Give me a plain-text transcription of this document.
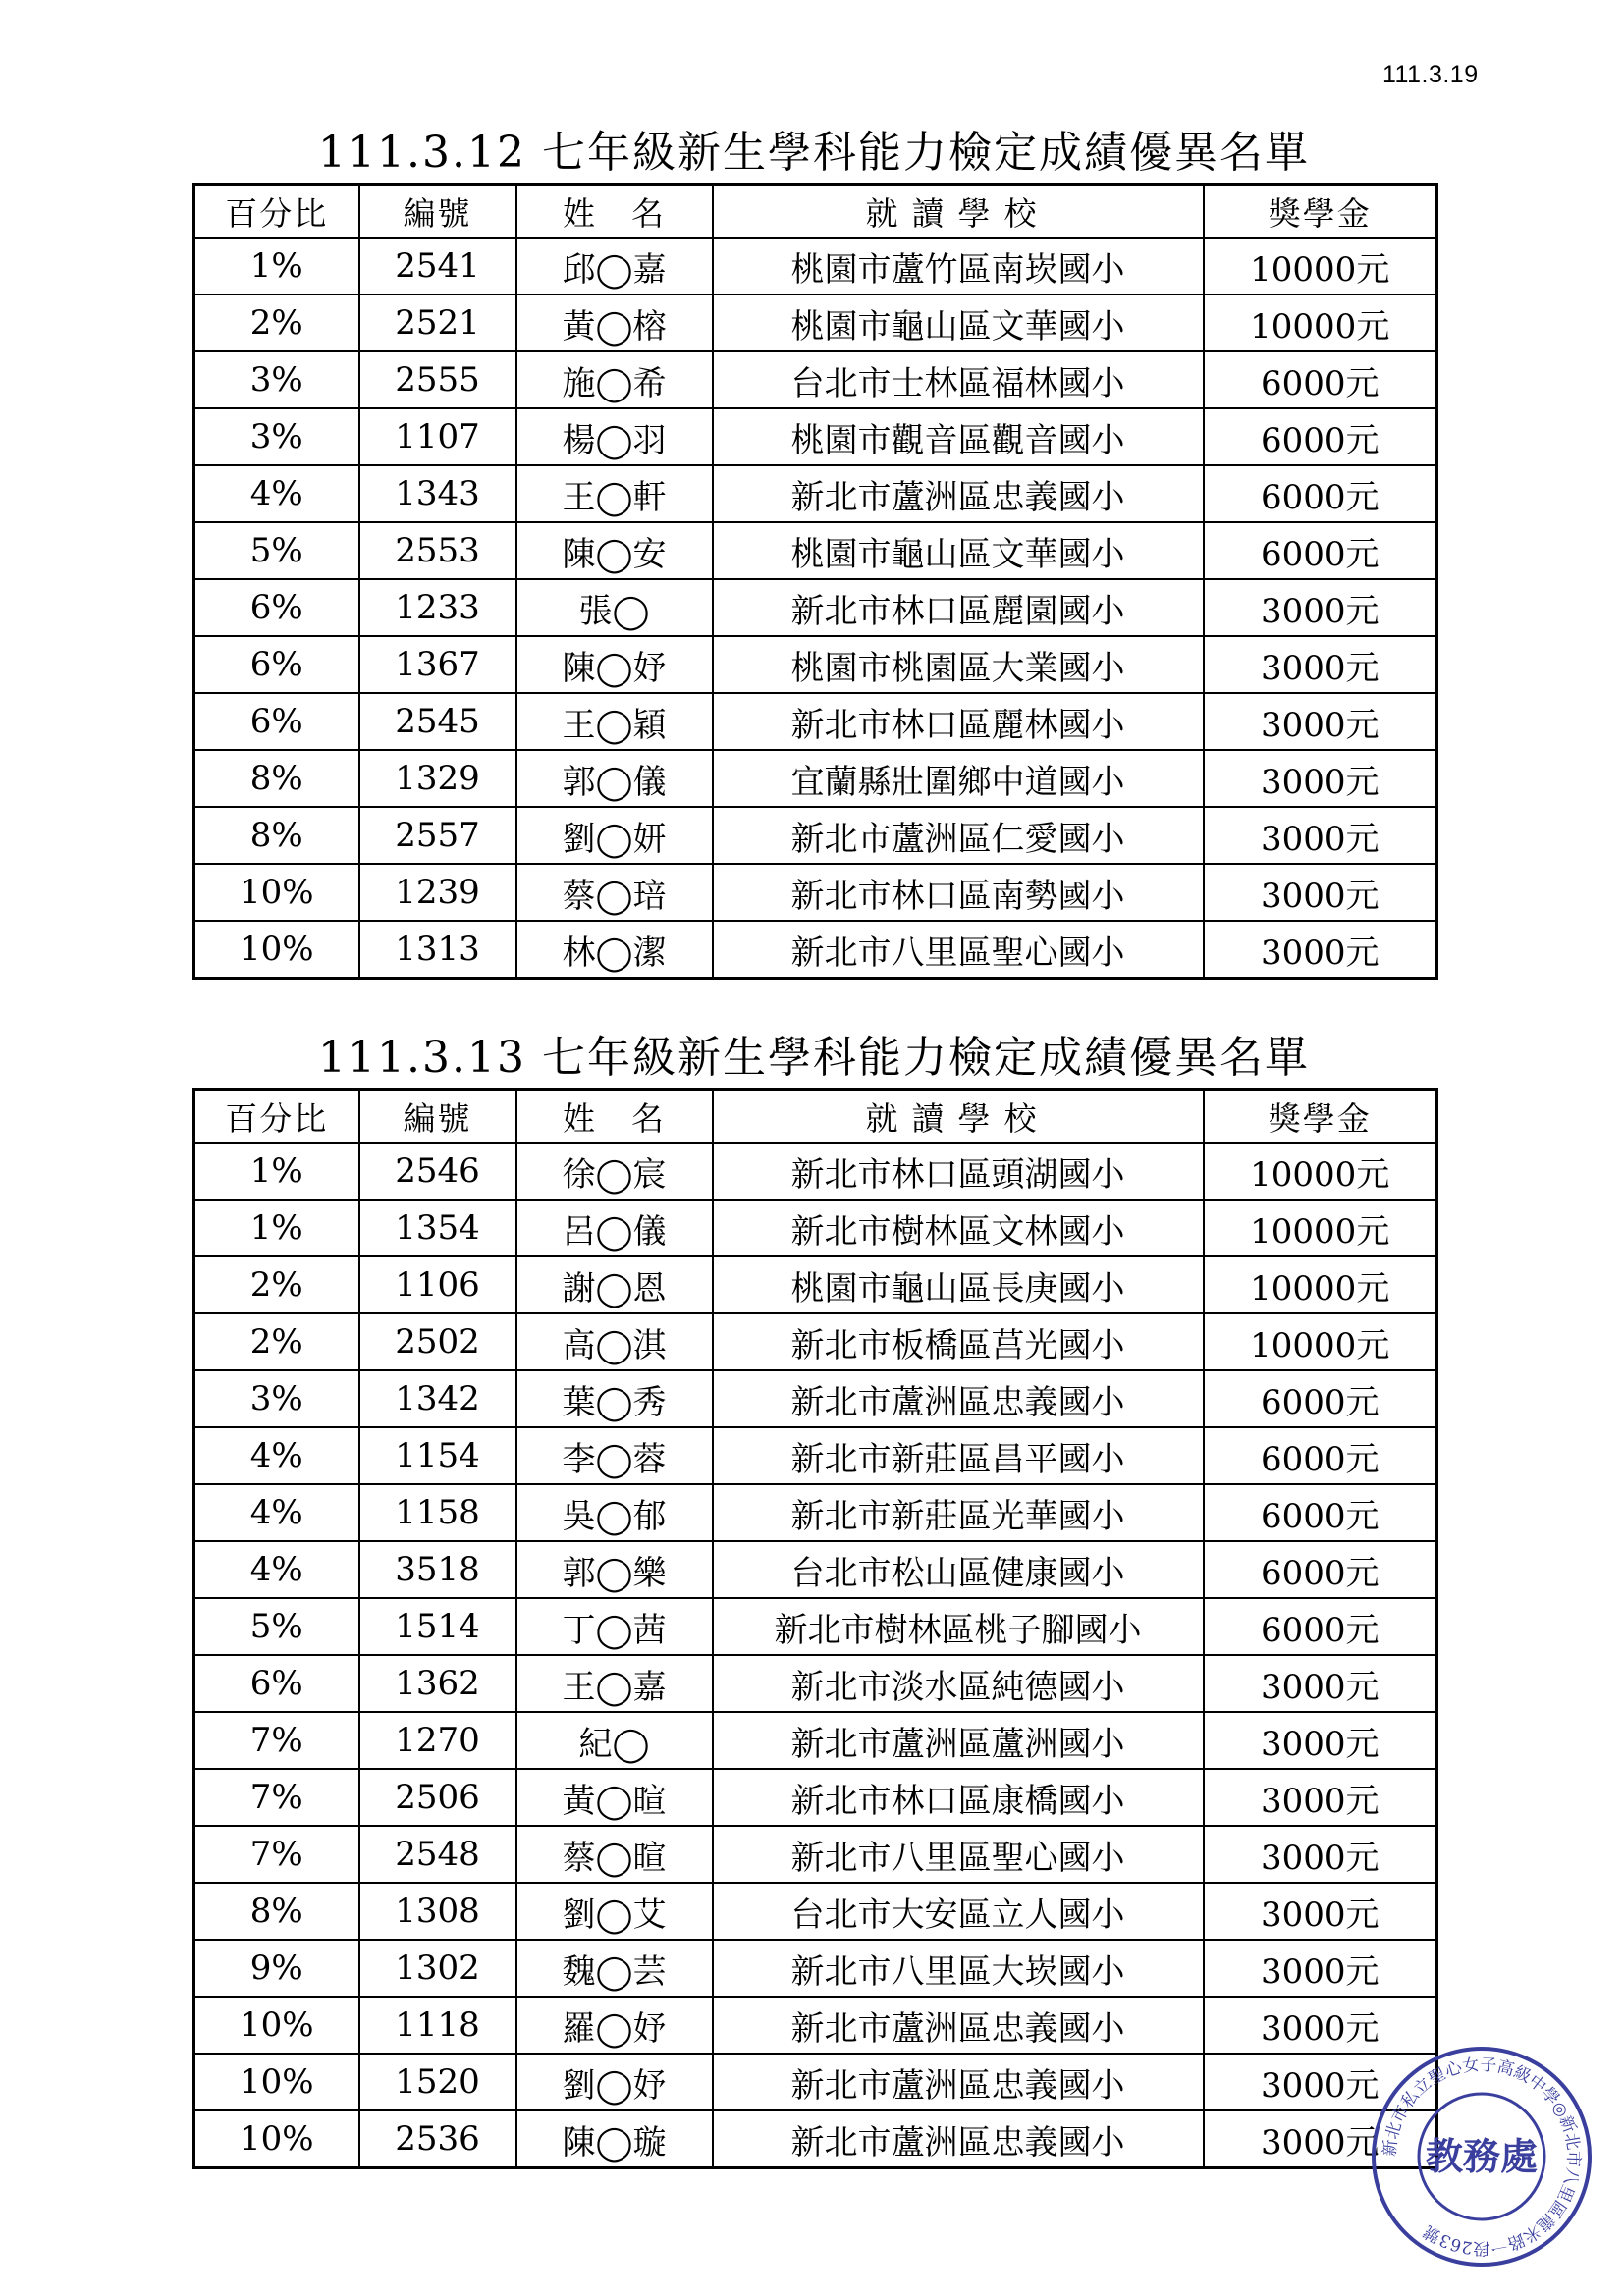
111.3.19
111.3.12 七年級新生學科能力檢定成績優異名單
百分比	編號	姓　名	就讀學校	獎學金
1%	2541	邱◯嘉	桃園市蘆竹區南崁國小	10000元
2%	2521	黃◯榕	桃園市龜山區文華國小	10000元
3%	2555	施◯希	台北市士林區福林國小	6000元
3%	1107	楊◯羽	桃園市觀音區觀音國小	6000元
4%	1343	王◯軒	新北市蘆洲區忠義國小	6000元
5%	2553	陳◯安	桃園市龜山區文華國小	6000元
6%	1233	張◯	新北市林口區麗園國小	3000元
6%	1367	陳◯妤	桃園市桃園區大業國小	3000元
6%	2545	王◯穎	新北市林口區麗林國小	3000元
8%	1329	郭◯儀	宜蘭縣壯圍鄉中道國小	3000元
8%	2557	劉◯妍	新北市蘆洲區仁愛國小	3000元
10%	1239	蔡◯琣	新北市林口區南勢國小	3000元
10%	1313	林◯潔	新北市八里區聖心國小	3000元
111.3.13 七年級新生學科能力檢定成績優異名單
百分比	編號	姓　名	就讀學校	獎學金
1%	2546	徐◯宸	新北市林口區頭湖國小	10000元
1%	1354	呂◯儀	新北市樹林區文林國小	10000元
2%	1106	謝◯恩	桃園市龜山區長庚國小	10000元
2%	2502	高◯淇	新北市板橋區莒光國小	10000元
3%	1342	葉◯秀	新北市蘆洲區忠義國小	6000元
4%	1154	李◯蓉	新北市新莊區昌平國小	6000元
4%	1158	吳◯郁	新北市新莊區光華國小	6000元
4%	3518	郭◯樂	台北市松山區健康國小	6000元
5%	1514	丁◯茜	新北市樹林區桃子腳國小	6000元
6%	1362	王◯嘉	新北市淡水區純德國小	3000元
7%	1270	紀◯	新北市蘆洲區蘆洲國小	3000元
7%	2506	黃◯暄	新北市林口區康橋國小	3000元
7%	2548	蔡◯暄	新北市八里區聖心國小	3000元
8%	1308	劉◯艾	台北市大安區立人國小	3000元
9%	1302	魏◯芸	新北市八里區大崁國小	3000元
10%	1118	羅◯妤	新北市蘆洲區忠義國小	3000元
10%	1520	劉◯妤	新北市蘆洲區忠義國小	3000元
10%	2536	陳◯璇	新北市蘆洲區忠義國小	3000元 新北市私立聖心女子高級中學◎新北市八里區龍米路一段263號
教務處
